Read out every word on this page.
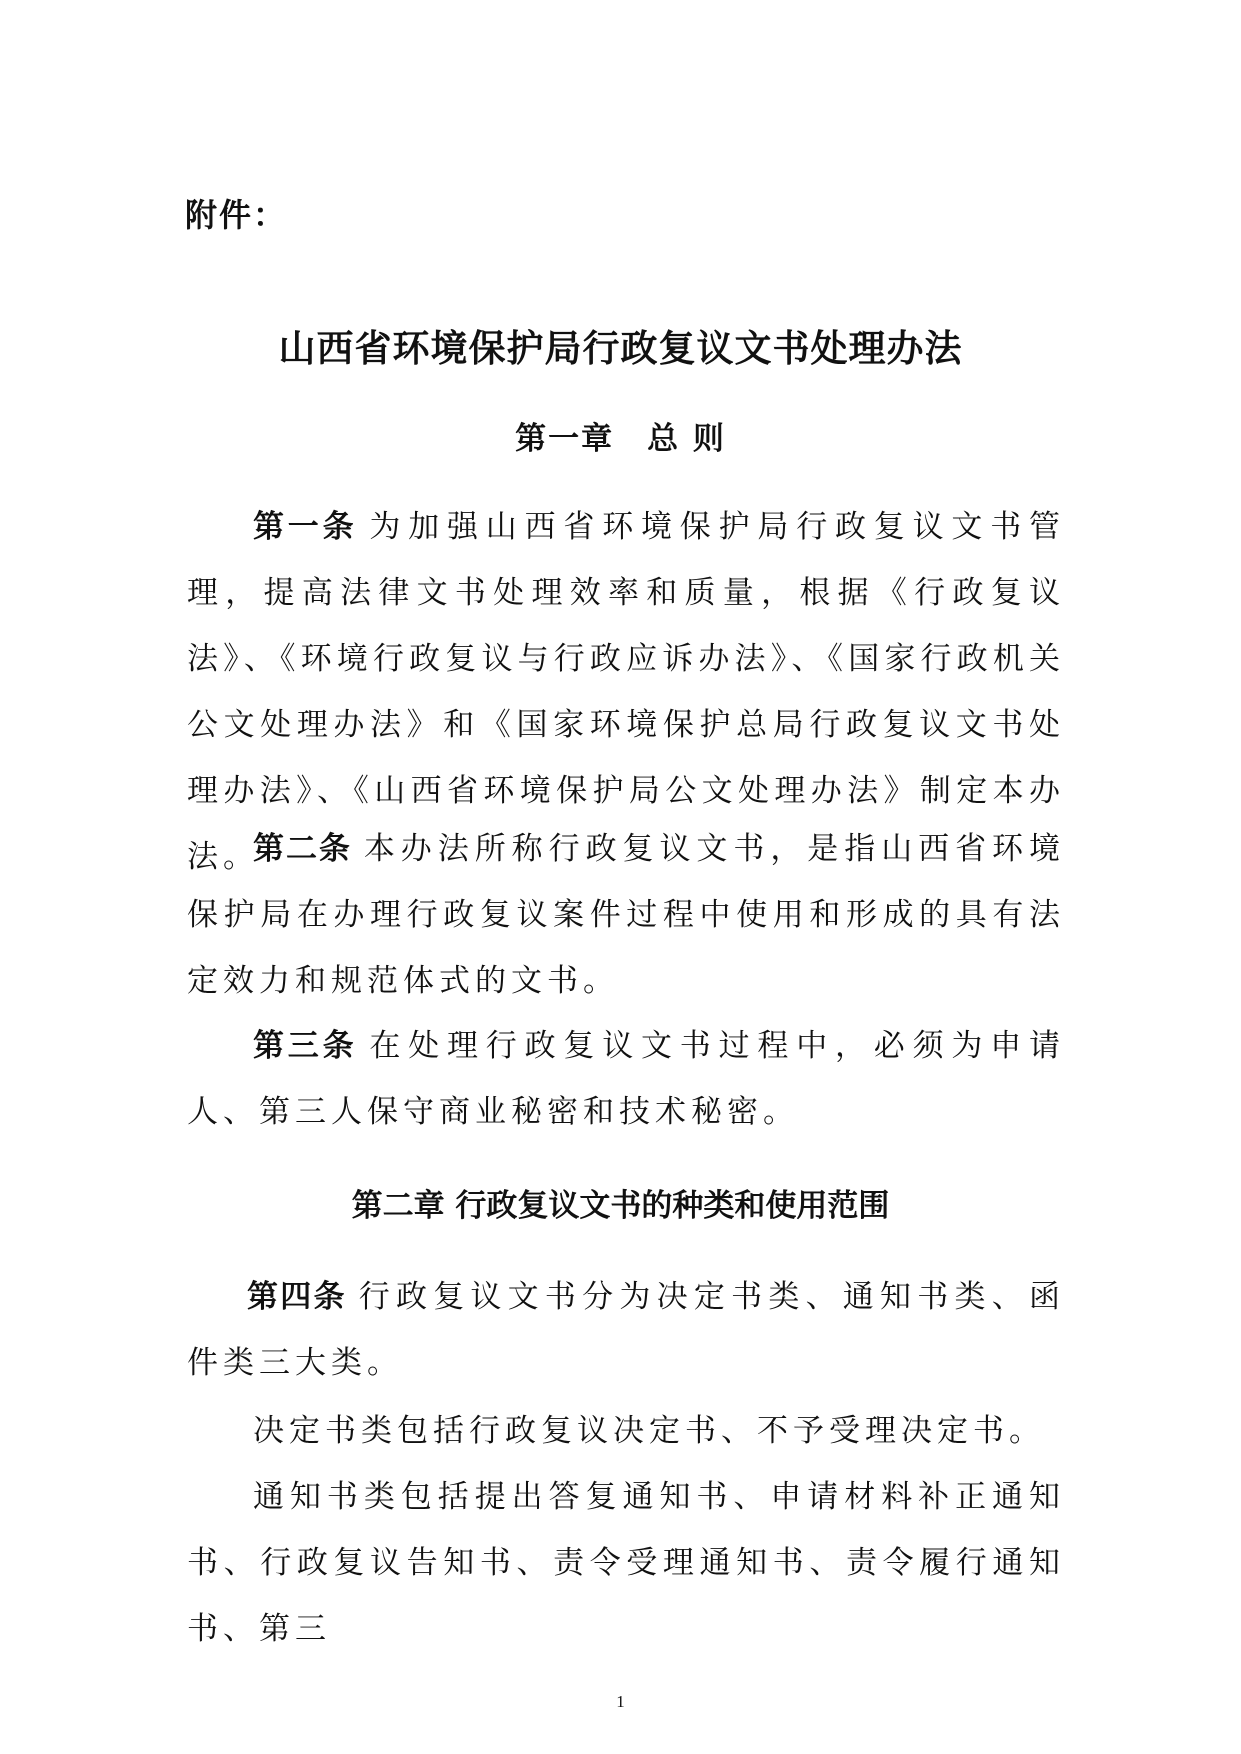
附件：
山西省环境保护局行政复议文书处理办法
第一章　总 则
第一条 为加强山西省环境保护局行政复议文书管理，提高法律文书处理效率和质量，根据《行政复议法》、《环境行政复议与行政应诉办法》、《国家行政机关公文处理办法》和《国家环境保护总局行政复议文书处理办法》、《山西省环境保护局公文处理办法》制定本办法。
第二条 本办法所称行政复议文书，是指山西省环境保护局在办理行政复议案件过程中使用和形成的具有法定效力和规范体式的文书。
第三条 在处理行政复议文书过程中，必须为申请人、第三人保守商业秘密和技术秘密。
第二章 行政复议文书的种类和使用范围
第四条 行政复议文书分为决定书类、通知书类、函件类三大类。
决定书类包括行政复议决定书、不予受理决定书。
通知书类包括提出答复通知书、申请材料补正通知书、行政复议告知书、责令受理通知书、责令履行通知书、第三
1
